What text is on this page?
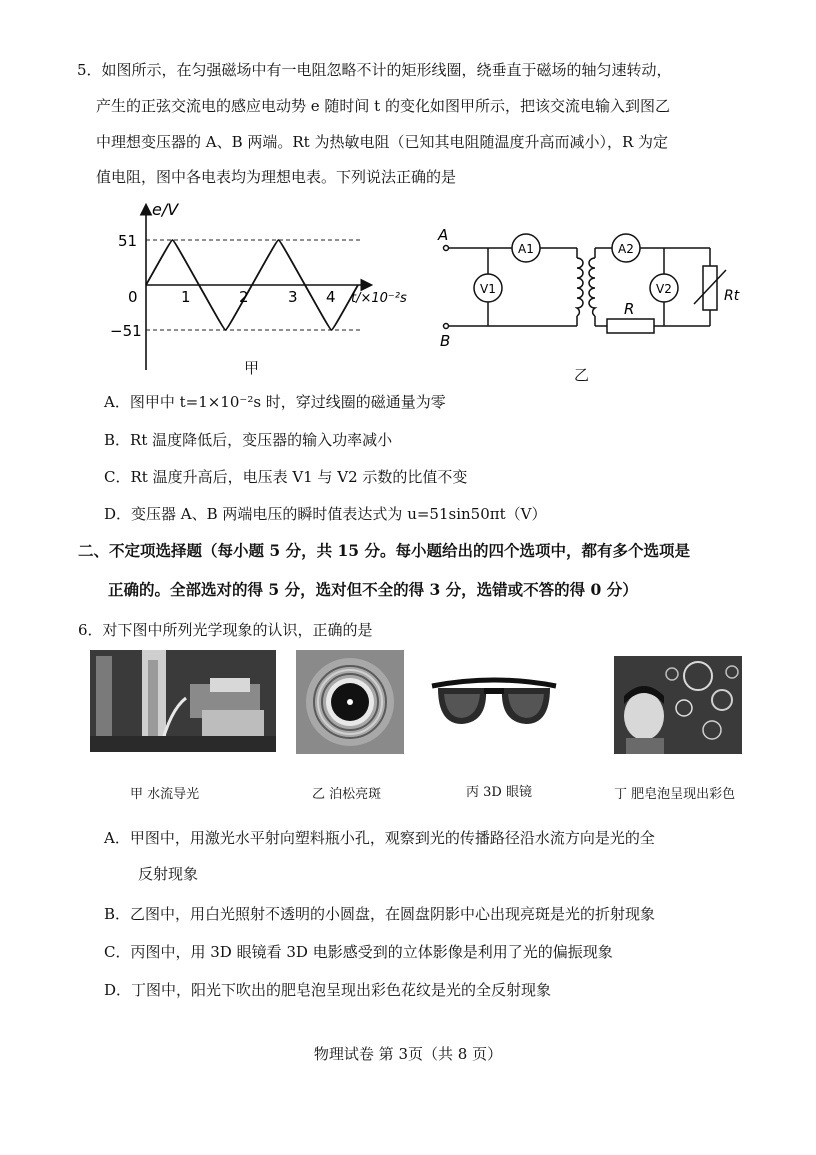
5．如图所示，在匀强磁场中有一电阻忽略不计的矩形线圈，绕垂直于磁场的轴匀速转动，
产生的正弦交流电的感应电动势 e 随时间 t 的变化如图甲所示，把该交流电输入到图乙
中理想变压器的 A、B 两端。Rt 为热敏电阻（已知其电阻随温度升高而减小），R 为定
值电阻，图中各电表均为理想电表。下列说法正确的是
e/V
51
−51
0	1	2	3 4 t/×10⁻²s
甲
A
B
A1
V1
A2
V2
R
Rt
乙
A．图甲中 t=1×10⁻²s 时，穿过线圈的磁通量为零
B．Rt 温度降低后，变压器的输入功率减小
C．Rt 温度升高后，电压表 V1 与 V2 示数的比值不变
D．变压器 A、B 两端电压的瞬时值表达式为 u=51sin50πt（V）
二、不定项选择题（每小题 5 分，共 15 分。每小题给出的四个选项中，都有多个选项是
正确的。全部选对的得 5 分，选对但不全的得 3 分，选错或不答的得 0 分）
6．对下图中所列光学现象的认识，正确的是
甲 水流导光	乙 泊松亮斑	丙 3D 眼镜	丁 肥皂泡呈现出彩色
A．甲图中，用激光水平射向塑料瓶小孔，观察到光的传播路径沿水流方向是光的全
反射现象
B．乙图中，用白光照射不透明的小圆盘，在圆盘阴影中心出现亮斑是光的折射现象
C．丙图中，用 3D 眼镜看 3D 电影感受到的立体影像是利用了光的偏振现象
D．丁图中，阳光下吹出的肥皂泡呈现出彩色花纹是光的全反射现象
物理试卷 第 3页（共 8 页）
